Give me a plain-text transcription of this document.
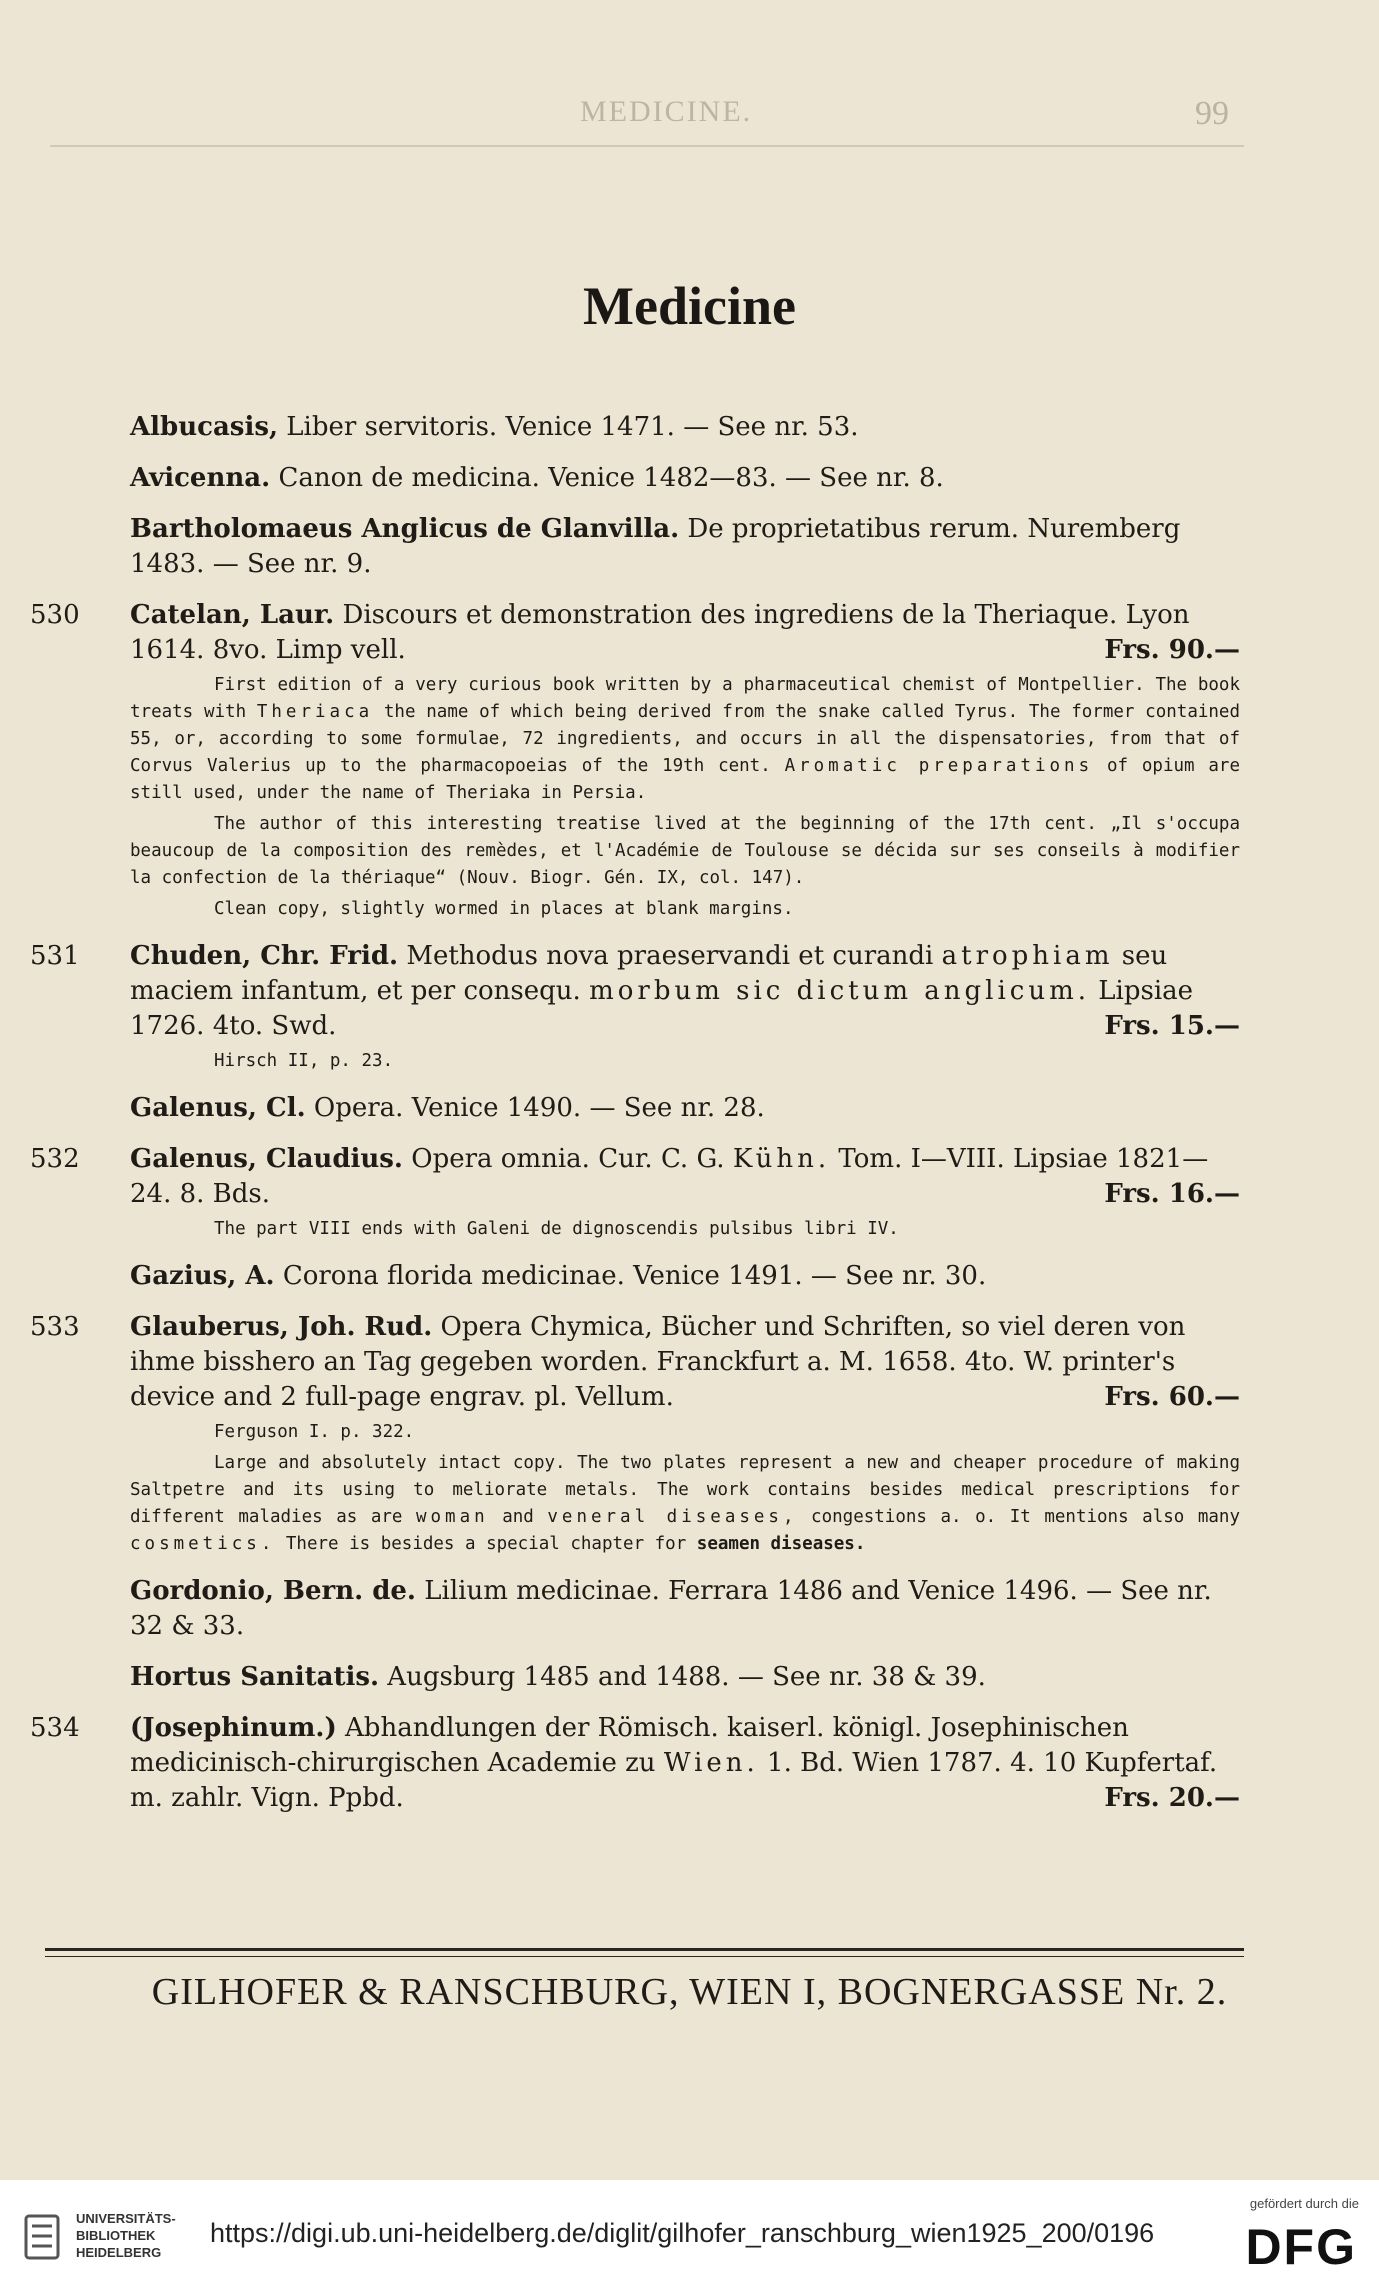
MEDICINE.	99
Medicine
Albucasis, Liber servitoris. Venice 1471. — See nr. 53.
Avicenna. Canon de medicina. Venice 1482—83. — See nr. 8.
Bartholomaeus Anglicus de Glanvilla. De proprietatibus rerum. Nuremberg 1483. — See nr. 9.
530 Catelan, Laur. Discours et demonstration des ingrediens de la Theriaque. Lyon 1614. 8vo. Limp vell.	Frs. 90.—

First edition of a very curious book written by a pharmaceutical chemist of Montpellier. The book treats with Theriaca the name of which being derived from the snake called Tyrus. The former contained 55, or, according to some formulae, 72 ingredients, and occurs in all the dispensatories, from that of Corvus Valerius up to the pharmacopoeias of the 19th cent. Aromatic preparations of opium are still used, under the name of Theriaka in Persia.

The author of this interesting treatise lived at the beginning of the 17th cent. „Il s'occupa beaucoup de la composition des remèdes, et l'Académie de Toulouse se décida sur ses conseils à modifier la confection de la thériaque“ (Nouv. Biogr. Gén. IX, col. 147).

Clean copy, slightly wormed in places at blank margins.

531 Chuden, Chr. Frid. Methodus nova praeservandi et curandi atrophiam seu maciem infantum, et per consequ. morbum sic dictum anglicum. Lipsiae 1726. 4to. Swd.	Frs. 15.—

Hirsch II, p. 23.

Galenus, Cl. Opera. Venice 1490. — See nr. 28.
532 Galenus, Claudius. Opera omnia. Cur. C. G. Kühn. Tom. I—VIII. Lipsiae 1821—24. 8. Bds.	Frs. 16.—

The part VIII ends with Galeni de dignoscendis pulsibus libri IV.

Gazius, A. Corona florida medicinae. Venice 1491. — See nr. 30.
533 Glauberus, Joh. Rud. Opera Chymica, Bücher und Schriften, so viel deren von ihme bisshero an Tag gegeben worden. Franckfurt a. M. 1658. 4to. W. printer's device and 2 full-page engrav. pl. Vellum.	Frs. 60.—

Ferguson I. p. 322.

Large and absolutely intact copy. The two plates represent a new and cheaper procedure of making Saltpetre and its using to meliorate metals. The work contains besides medical prescriptions for different maladies as are woman and veneral diseases, congestions a. o. It mentions also many cosmetics. There is besides a special chapter for seamen diseases.

Gordonio, Bern. de. Lilium medicinae. Ferrara 1486 and Venice 1496. — See nr. 32 & 33.
Hortus Sanitatis. Augsburg 1485 and 1488. — See nr. 38 & 39.
534 (Josephinum.) Abhandlungen der Römisch. kaiserl. königl. Josephinischen medicinisch-chirurgischen Academie zu Wien. 1. Bd. Wien 1787. 4. 10 Kupfertaf. m. zahlr. Vign. Ppbd.	Frs. 20.—
GILHOFER & RANSCHBURG, WIEN I, BOGNERGASSE Nr. 2.
UNIVERSITÄTS-
BIBLIOTHEK
HEIDELBERG
https://digi.ub.uni-heidelberg.de/diglit/gilhofer_ranschburg_wien1925_200/0196
gefördert durch die
DFG
